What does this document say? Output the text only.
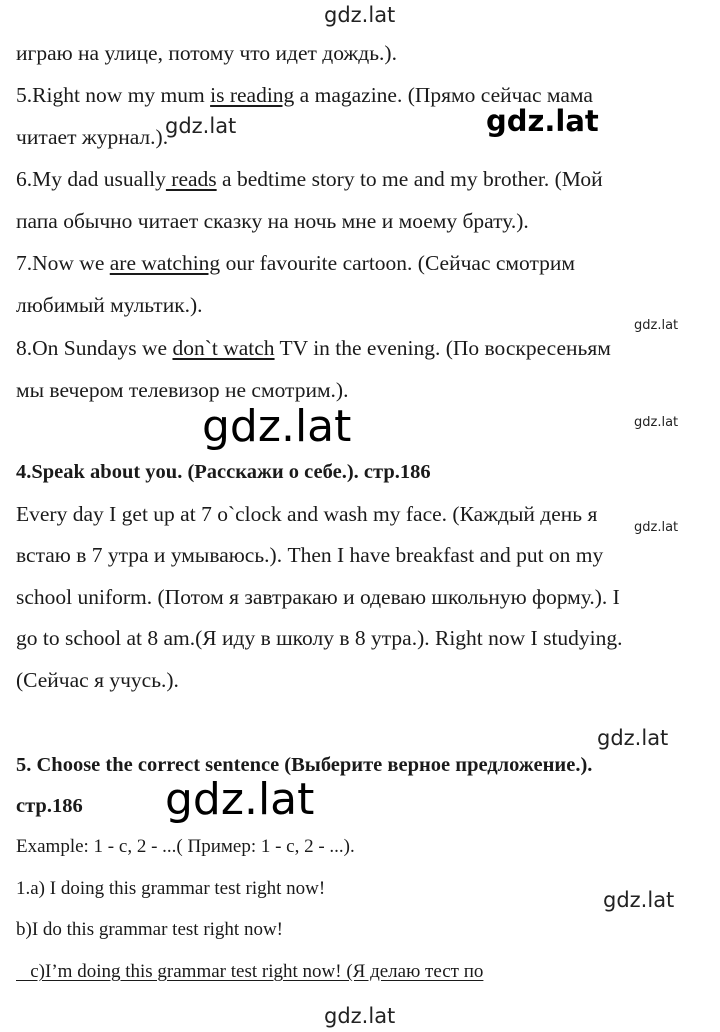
gdz.lat
gdz.lat	gdz.lat
gdz.lat
gdz.lat
gdz.lat
gdz.lat
gdz.lat
gdz.lat
gdz.lat
gdz.lat
играю на улице, потому что идет дождь.).
5.Right now my mum is reading a magazine. (Прямо сейчас мама
читает журнал.).
6.My dad usually reads a bedtime story to me and my brother. (Мой
папа обычно читает сказку на ночь мне и моему брату.).
7.Now we are watching our favourite cartoon. (Сейчас смотрим
любимый мультик.).
8.On Sundays we don`t watch TV in the evening. (По воскресеньям
мы вечером телевизор не смотрим.).
4.Speak about you. (Расскажи о себе.). стр.186
Every day I get up at 7 o`clock and wash my face. (Каждый день я
встаю в 7 утра и умываюсь.). Then I have breakfast and put on my
school uniform. (Потом я завтракаю и одеваю школьную форму.). I
go to school at 8 am.(Я иду в школу в 8 утра.). Right now I studying.
(Сейчас я учусь.).
5. Choose the correct sentence (Выберите верное предложение.).
стр.186
Example: 1 - c, 2 - ...( Пример: 1 - c, 2 - ...).
1.a) I doing this grammar test right now!
b)I do this grammar test right now!
c)I’m doing this grammar test right now! (Я делаю тест по
